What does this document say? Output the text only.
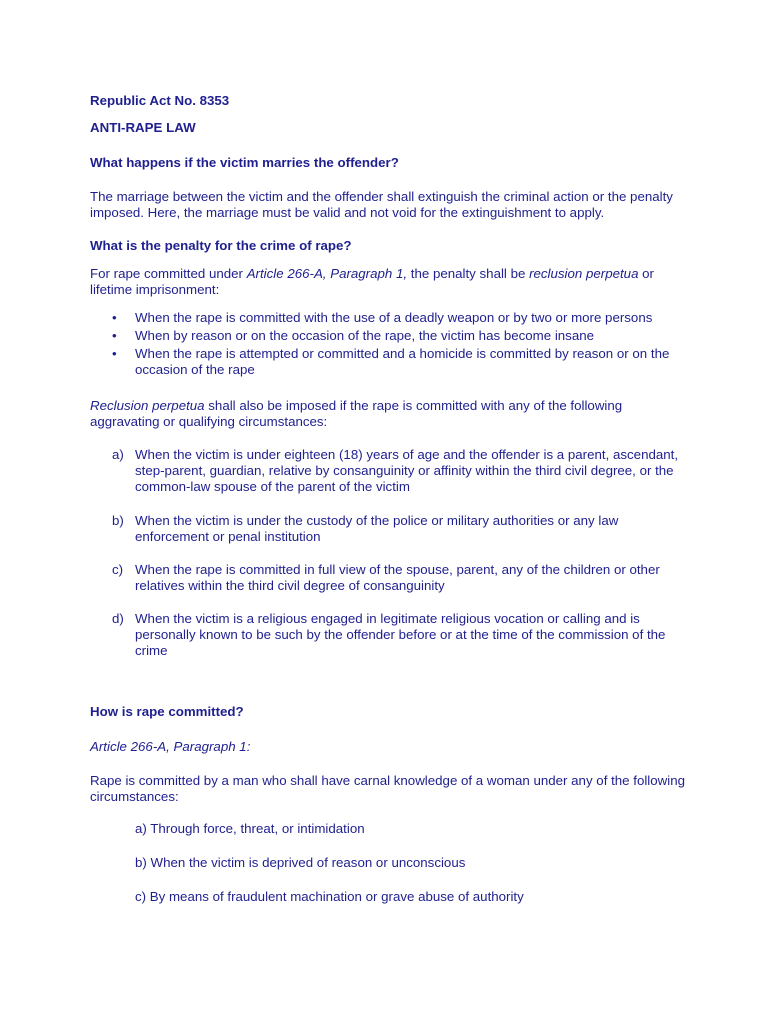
Republic Act No. 8353
ANTI-RAPE LAW
What happens if the victim marries the offender?
The marriage between the victim and the offender shall extinguish the criminal action or the penalty imposed. Here, the marriage must be valid and not void for the extinguishment to apply.
What is the penalty for the crime of rape?
For rape committed under Article 266-A, Paragraph 1, the penalty shall be reclusion perpetua or lifetime imprisonment:
• When the rape is committed with the use of a deadly weapon or by two or more persons
• When by reason or on the occasion of the rape, the victim has become insane
• When the rape is attempted or committed and a homicide is committed by reason or on the occasion of the rape
Reclusion perpetua shall also be imposed if the rape is committed with any of the following aggravating or qualifying circumstances:
a) When the victim is under eighteen (18) years of age and the offender is a parent, ascendant, step-parent, guardian, relative by consanguinity or affinity within the third civil degree, or the common-law spouse of the parent of the victim
b) When the victim is under the custody of the police or military authorities or any law enforcement or penal institution
c) When the rape is committed in full view of the spouse, parent, any of the children or other relatives within the third civil degree of consanguinity
d) When the victim is a religious engaged in legitimate religious vocation or calling and is personally known to be such by the offender before or at the time of the commission of the crime
How is rape committed?
Article 266-A, Paragraph 1:
Rape is committed by a man who shall have carnal knowledge of a woman under any of the following circumstances:
a) Through force, threat, or intimidation
b) When the victim is deprived of reason or unconscious
c) By means of fraudulent machination or grave abuse of authority
